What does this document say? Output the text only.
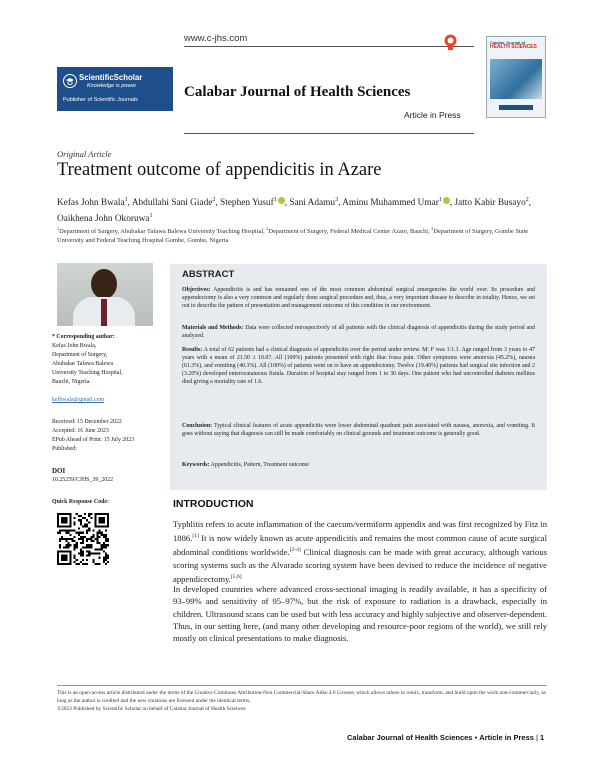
www.c-jhs.com
ScientificScholar
Knowledge is power
Publisher of Scientific Journals	Calabar Journal of Health Sciences
Article in Press
Calabar Journal of
HEALTH SCIENCES
Original Article
Treatment outcome of appendicitis in Azare
Kefas John Bwala$^1$, Abdullahi Sani Giade$^2$, Stephen Yusuf$^1$ , Sani Adamu$^3$, Aminu Muhammed Umar$^1$ , Jatto Kabir Busayo$^2$, Oaikhena John Okoruwa$^1$
$^1$Department of Surgery, Abubakar Tafawa Balewa University Teaching Hospital, $^2$Department of Surgery, Federal Medical Center Azare, Bauchi, $^3$Department of Surgery, Gombe State University and Federal Teaching Hospital Gombe, Gombe, Nigeria
* Corresponding author:
Kefas John Bwala,
Department of Surgery,
Abubakar Tafawa Balewa
University Teaching Hospital,
Bauchi, Nigeria.
kefbwala@gmail.com
Received: 15 December 2022
Accepted: 16 June 2023
EPub Ahead of Print: 15 July 2023
Published:
DOI
10.25259/CJHS_39_2022
Quick Response Code:
ABSTRACT
Objectives: Appendicitis is and has remained one of the most common abdominal surgical emergencies the world over. Its procedure and appendectomy is also a very common and regularly done surgical procedure and, thus, a very important disease to describe in totality. Hence, we set out to describe the pattern of presentation and management outcome of this condition in our environment.
Materials and Methods: Data were collected retrospectively of all patients with the clinical diagnosis of appendicitis during the study period and analyzed.
Results: A total of 62 patients had a clinical diagnosis of appendicitis over the period under review. M: F was 1:1.1. Age ranged from 3 years to 47 years with a mean of 21.50 ± 10.07. All (100%) patients presented with right iliac fossa pain. Other symptoms were anorexia (45.2%), nausea (61.3%), and vomiting (40.3%). All (100%) of patients went on to have an appendectomy. Twelve (19.40%) patients had surgical site infection and 2 (3.20%) developed enterocutaneous fistula. Duration of hospital stay ranged from 1 to 30 days. One patient who had uncontrolled diabetes mellitus died giving a mortality rate of 1.6.
Conclusion: Typical clinical features of acute appendicitis were lower abdominal quadrant pain associated with nausea, anorexia, and vomiting. It goes without saying that diagnosis can still be made comfortably on clinical grounds and treatment outcome is generally good.
Keywords: Appendicitis, Pattern, Treatment outcome
INTRODUCTION
Typhlitis refers to acute inflammation of the caecum/vermiform appendix and was first recognized by Fitz in 1886.[1] It is now widely known as acute appendicitis and remains the most common cause of acute surgical abdominal conditions worldwide.[2-4] Clinical diagnosis can be made with great accuracy, although various scoring systems such as the Alvarado scoring system have been devised to reduce the incidence of negative appendicectomy.[5,6]
In developed countries where advanced cross-sectional imaging is readily available, it has a specificity of 93–99% and sensitivity of 95–97%, but the risk of exposure to radiation is a drawback, especially in children. Ultrasound scans can be used but with less accuracy and highly subjective and observer-dependent. Thus, in our setting here, (and many other developing and resource-poor regions of the world), we still rely mostly on clinical presentations to make diagnosis.
This is an open-access article distributed under the terms of the Creative Commons Attribution-Non Commercial-Share Alike 4.0 License, which allows others to remix, transform, and build upon the work non-commercially, as long as the author is credited and the new creations are licensed under the identical terms.
©2023 Published by Scientific Scholar on behalf of Calabar Journal of Health Sciences
Calabar Journal of Health Sciences • Article in Press | 1
